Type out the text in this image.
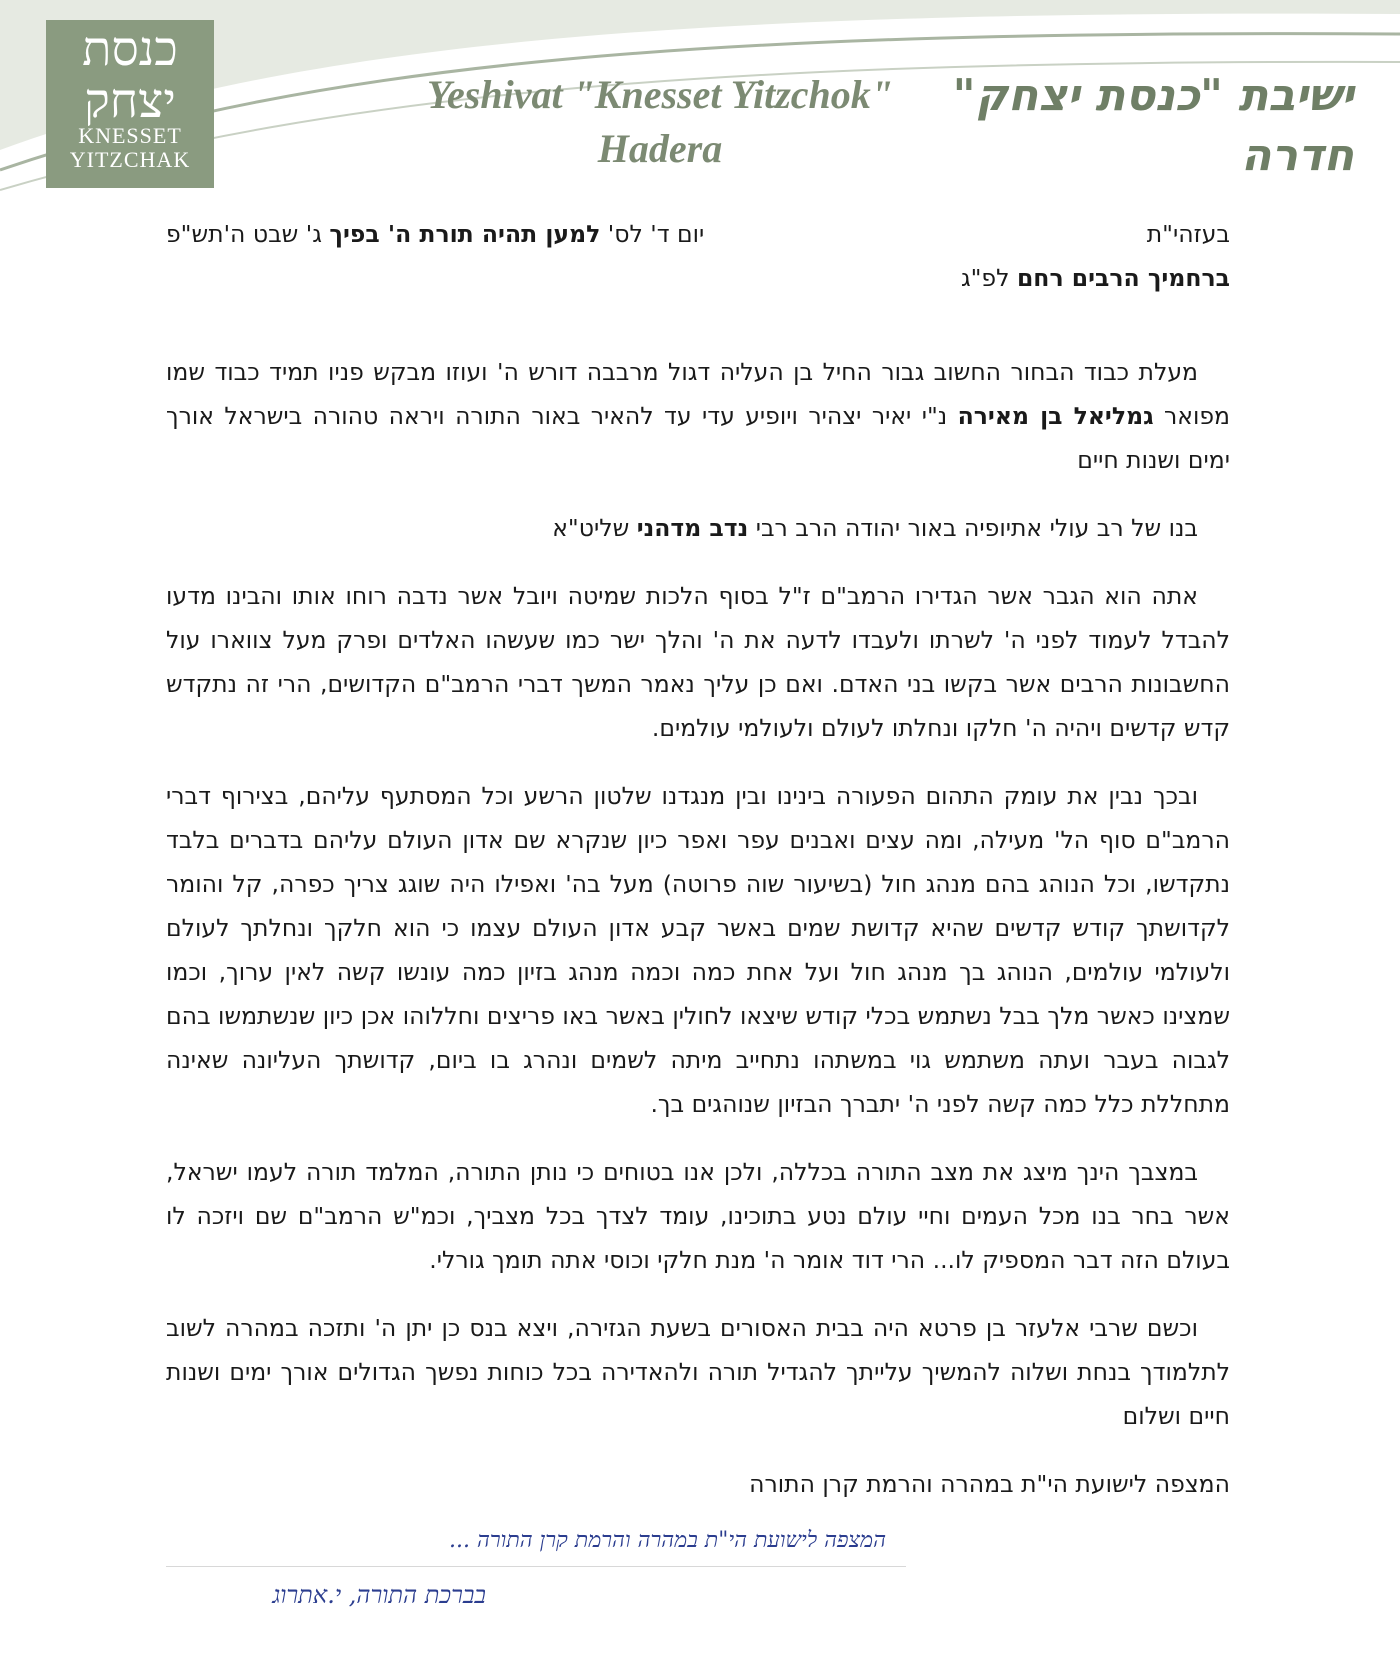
כנסת
יצחק
KNESSET
YITZCHAK
Yeshivat "Knesset Yitzchok"
Hadera
ישיבת "כנסת יצחק"
חדרה
בעזהי"ת
יום ד' לס' למען תהיה תורת ה' בפיך ג' שבט ה'תש"פ
ברחמיך הרבים רחם לפ"ג

מעלת כבוד הבחור החשוב גבור החיל בן העליה דגול מרבבה דורש ה' ועוזו מבקש פניו תמיד כבוד שמו מפואר גמליאל בן מאירה נ"י יאיר יצהיר ויופיע עדי עד להאיר באור התורה ויראה טהורה בישראל אורך ימים ושנות חיים

בנו של רב עולי אתיופיה באור יהודה הרב רבי נדב מדהני שליט"א

אתה הוא הגבר אשר הגדירו הרמב"ם ז"ל בסוף הלכות שמיטה ויובל אשר נדבה רוחו אותו והבינו מדעו להבדל לעמוד לפני ה' לשרתו ולעבדו לדעה את ה' והלך ישר כמו שעשהו האלדים ופרק מעל צווארו עול החשבונות הרבים אשר בקשו בני האדם. ואם כן עליך נאמר המשך דברי הרמב"ם הקדושים, הרי זה נתקדש קדש קדשים ויהיה ה' חלקו ונחלתו לעולם ולעולמי עולמים.

ובכך נבין את עומק התהום הפעורה בינינו ובין מנגדנו שלטון הרשע וכל המסתעף עליהם, בצירוף דברי הרמב"ם סוף הל' מעילה, ומה עצים ואבנים עפר ואפר כיון שנקרא שם אדון העולם עליהם בדברים בלבד נתקדשו, וכל הנוהג בהם מנהג חול (בשיעור שוה פרוטה) מעל בה' ואפילו היה שוגג צריך כפרה, קל והומר לקדושתך קודש קדשים שהיא קדושת שמים באשר קבע אדון העולם עצמו כי הוא חלקך ונחלתך לעולם ולעולמי עולמים, הנוהג בך מנהג חול ועל אחת כמה וכמה מנהג בזיון כמה עונשו קשה לאין ערוך, וכמו שמצינו כאשר מלך בבל נשתמש בכלי קודש שיצאו לחולין באשר באו פריצים וחללוהו אכן כיון שנשתמשו בהם לגבוה בעבר ועתה משתמש גוי במשתהו נתחייב מיתה לשמים ונהרג בו ביום, קדושתך העליונה שאינה מתחללת כלל כמה קשה לפני ה' יתברך הבזיון שנוהגים בך.

במצבך הינך מיצג את מצב התורה בכללה, ולכן אנו בטוחים כי נותן התורה, המלמד תורה לעמו ישראל, אשר בחר בנו מכל העמים וחיי עולם נטע בתוכינו, עומד לצדך בכל מצביך, וכמ"ש הרמב"ם שם ויזכה לו בעולם הזה דבר המספיק לו... הרי דוד אומר ה' מנת חלקי וכוסי אתה תומך גורלי.

וכשם שרבי אלעזר בן פרטא היה בבית האסורים בשעת הגזירה, ויצא בנס כן יתן ה' ותזכה במהרה לשוב לתלמודך בנחת ושלוה להמשיך עלייתך להגדיל תורה ולהאדירה בכל כוחות נפשך הגדולים אורך ימים ושנות חיים ושלום

המצפה לישועת הי"ת במהרה והרמת קרן התורה
המצפה לישועת הי"ת במהרה והרמת קרן התורה ...
בברכת התורה, י.אתרוג
